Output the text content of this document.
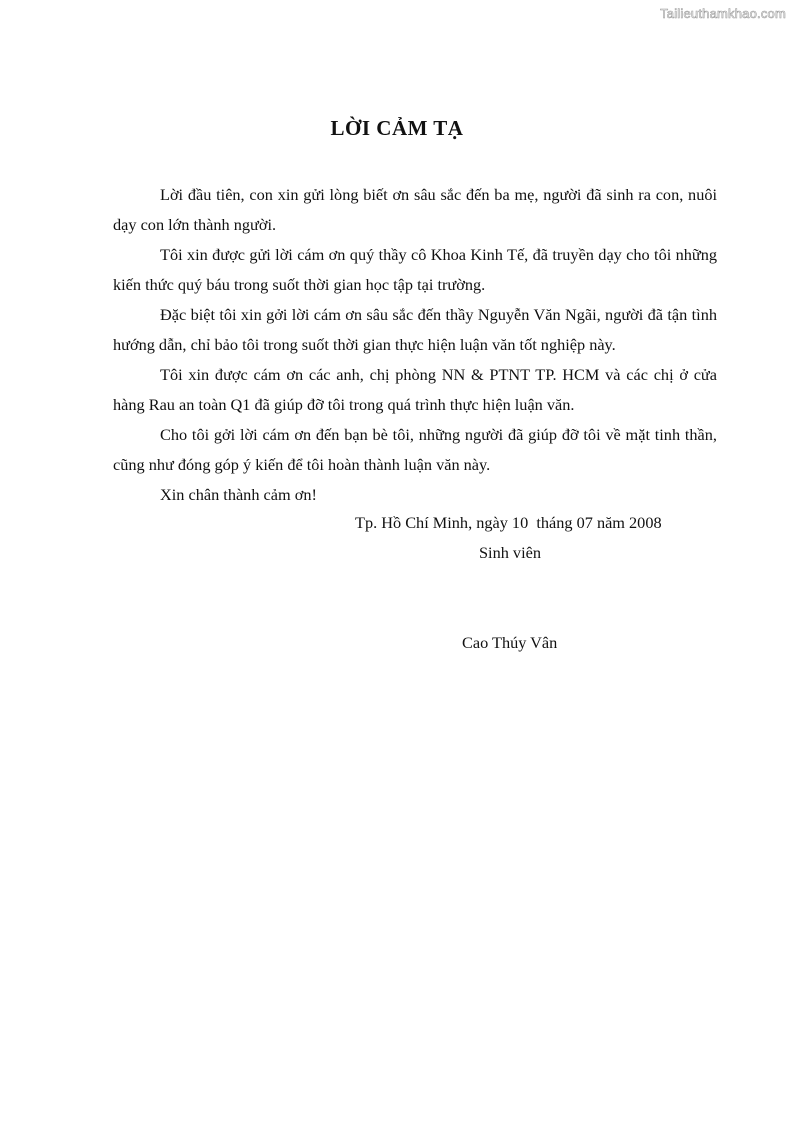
Tailieuthamkhao.com
LỜI CẢM TẠ

Lời đầu tiên, con xin gửi lòng biết ơn sâu sắc đến ba mẹ, người đã sinh ra con, nuôi dạy con lớn thành người.

Tôi xin được gửi lời cám ơn quý thầy cô Khoa Kinh Tế, đã truyền dạy cho tôi những kiến thức quý báu trong suốt thời gian học tập tại trường.

Đặc biệt tôi xin gởi lời cám ơn sâu sắc đến thầy Nguyễn Văn Ngãi, người đã tận tình hướng dẫn, chỉ bảo tôi trong suốt thời gian thực hiện luận văn tốt nghiệp này.

Tôi xin được cám ơn các anh, chị phòng NN & PTNT TP. HCM và các chị ở cửa hàng Rau an toàn Q1 đã giúp đỡ tôi trong quá trình thực hiện luận văn.

Cho tôi gởi lời cám ơn đến bạn bè tôi, những người đã giúp đỡ tôi về mặt tinh thần, cũng như đóng góp ý kiến để tôi hoàn thành luận văn này.

Xin chân thành cảm ơn!

Tp. Hồ Chí Minh, ngày 10  tháng 07 năm 2008
Sinh viên
Cao Thúy Vân
